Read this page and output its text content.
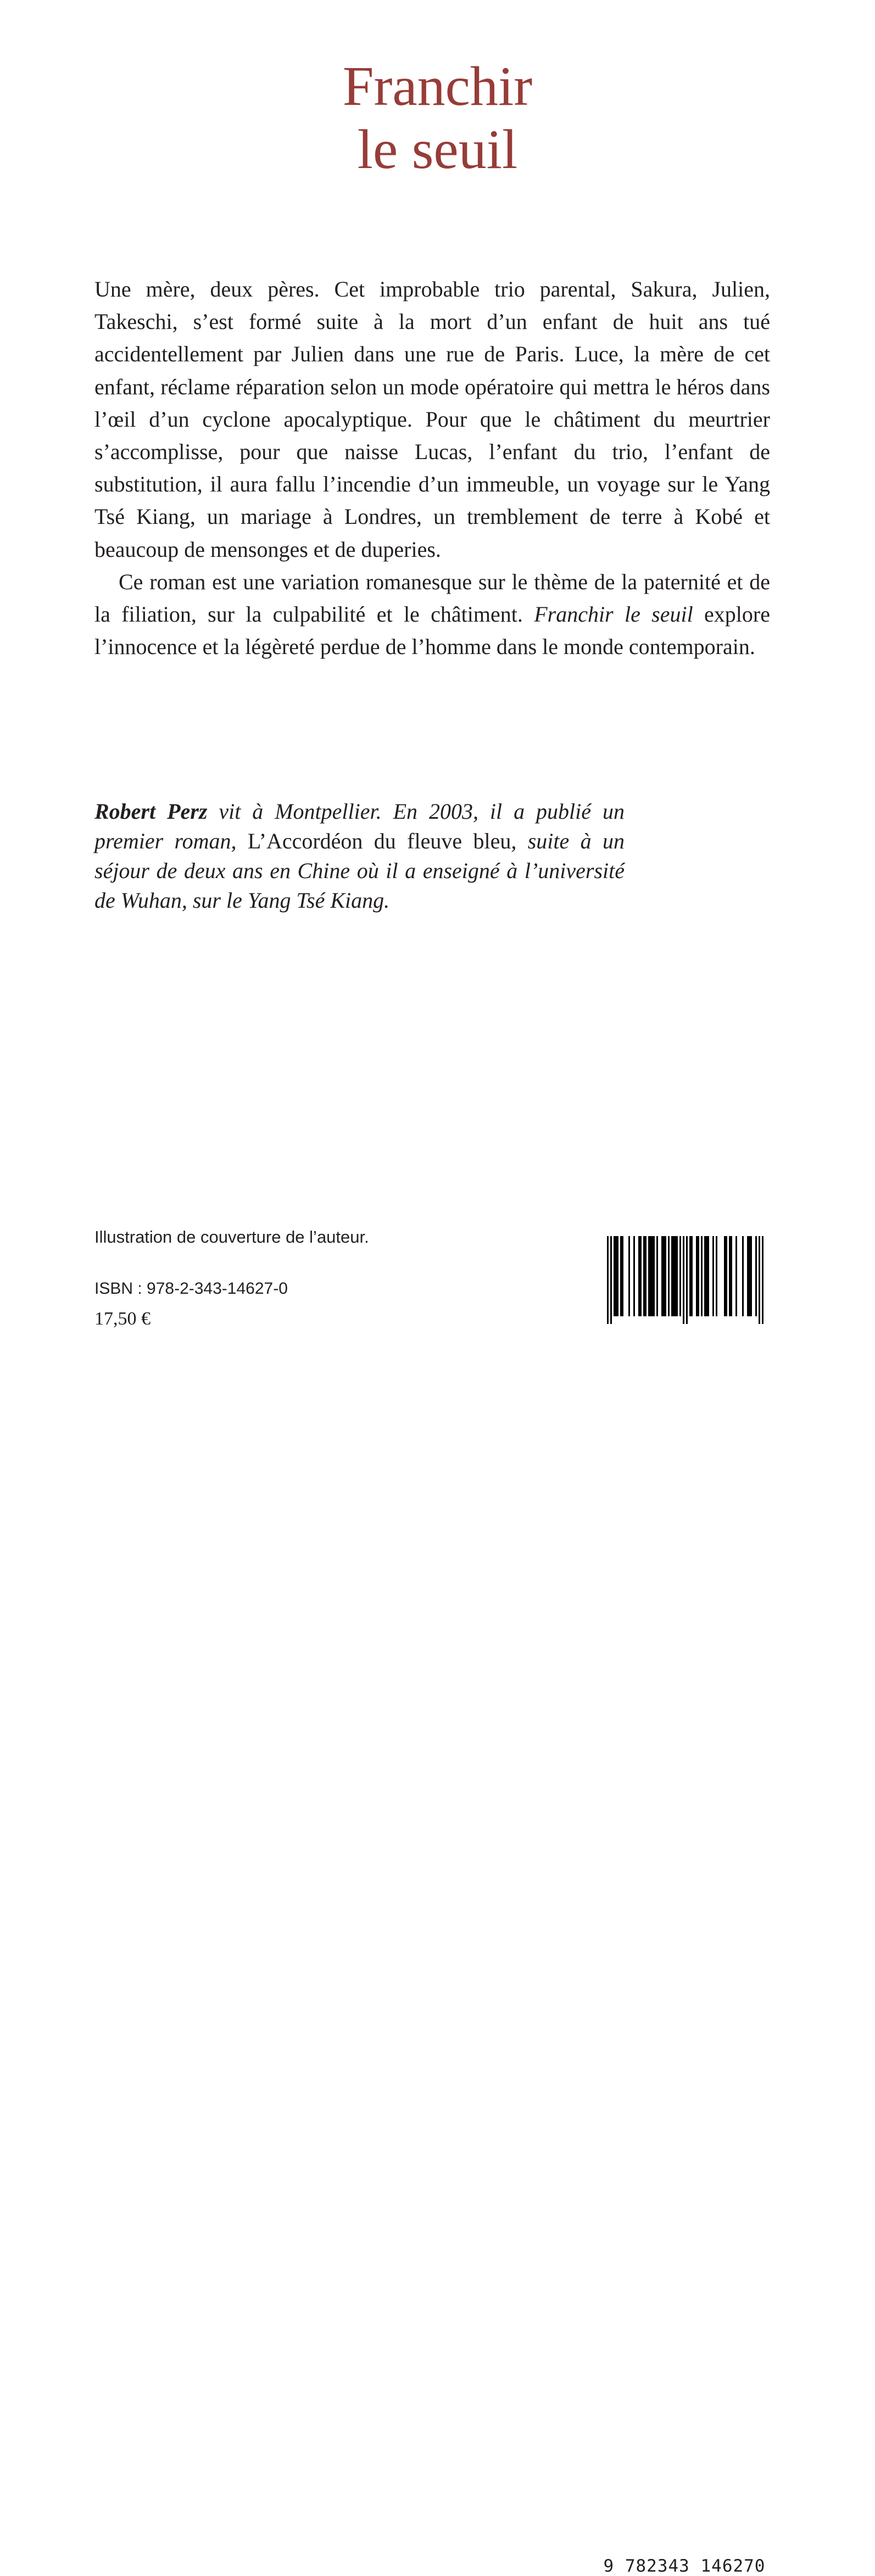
Franchir
le seuil

Une mère, deux pères. Cet improbable trio parental, Sakura, Julien, Takeschi, s’est formé suite à la mort d’un enfant de huit ans tué accidentellement par Julien dans une rue de Paris. Luce, la mère de cet enfant, réclame réparation selon un mode opératoire qui mettra le héros dans l’œil d’un cyclone apocalyptique. Pour que le châtiment du meurtrier s’accomplisse, pour que naisse Lucas, l’enfant du trio, l’enfant de substitution, il aura fallu l’incendie d’un immeuble, un voyage sur le Yang Tsé Kiang, un mariage à Londres, un tremblement de terre à Kobé et beaucoup de mensonges et de duperies.

Ce roman est une variation romanesque sur le thème de la paternité et de la filiation, sur la culpabilité et le châtiment. Franchir le seuil explore l’innocence et la légèreté perdue de l’homme dans le monde contemporain.

Robert Perz vit à Montpellier. En 2003, il a publié un premier roman, L’Accordéon du fleuve bleu, suite à un séjour de deux ans en Chine où il a enseigné à l’université de Wuhan, sur le Yang Tsé Kiang.

Illustration de couverture de l’auteur.

ISBN : 978-2-343-14627-0

17,50 €

9 782343 146270
